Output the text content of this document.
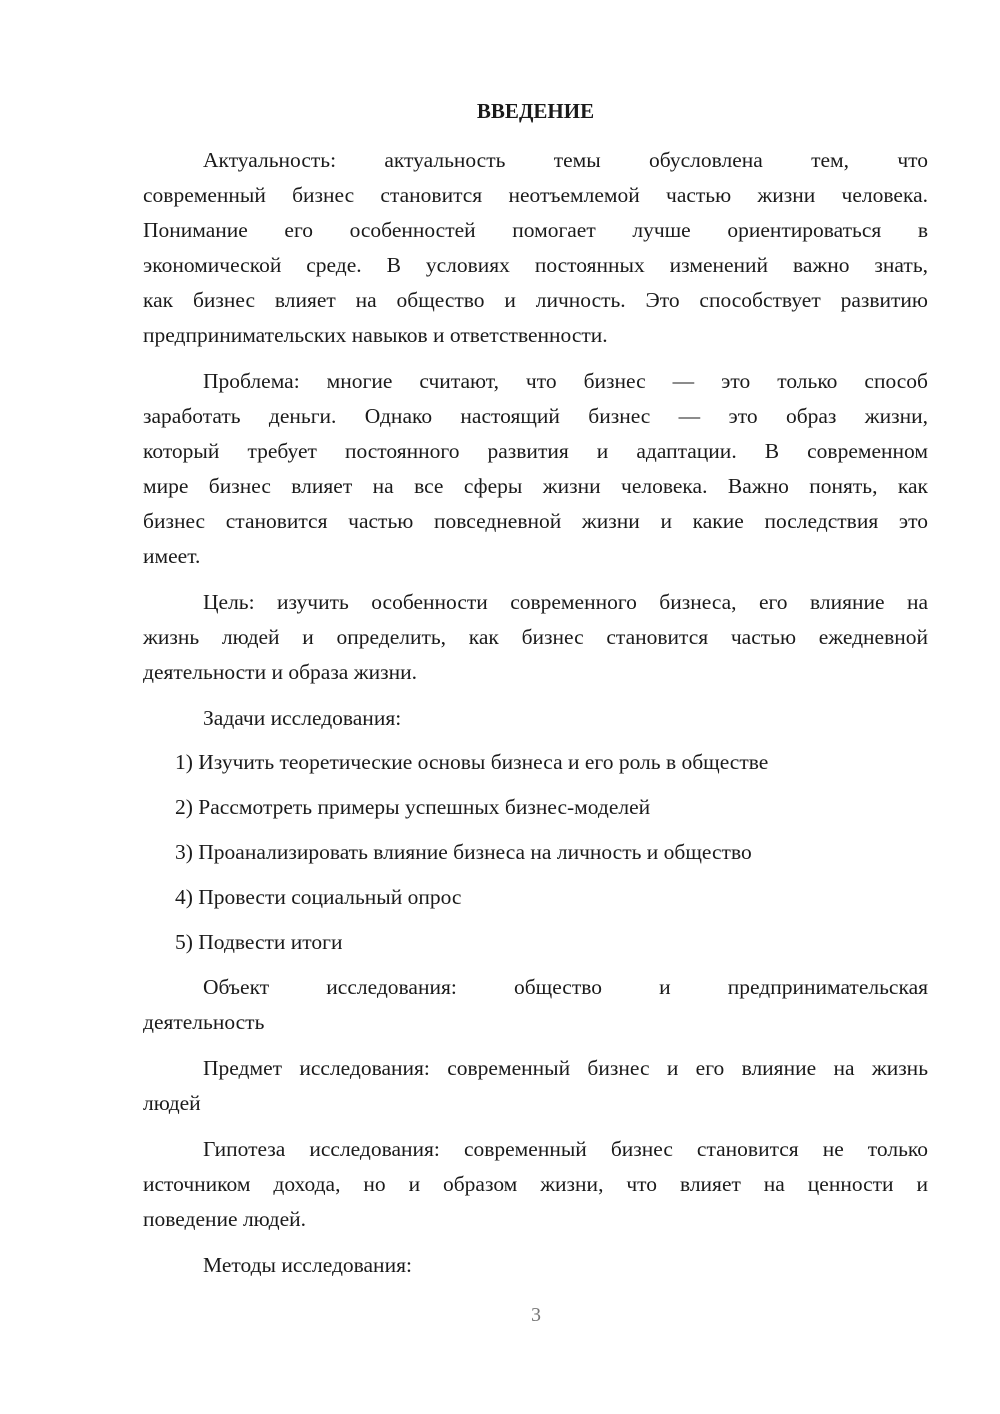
ВВЕДЕНИЕ
Актуальность: актуальность темы обусловлена тем, что
современный бизнес становится неотъемлемой частью жизни человека.
Понимание его особенностей помогает лучше ориентироваться в
экономической среде. В условиях постоянных изменений важно знать,
как бизнес влияет на общество и личность. Это способствует развитию
предпринимательских навыков и ответственности.
Проблема: многие считают, что бизнес — это только способ
заработать деньги. Однако настоящий бизнес — это образ жизни,
который требует постоянного развития и адаптации. В современном
мире бизнес влияет на все сферы жизни человека. Важно понять, как
бизнес становится частью повседневной жизни и какие последствия это
имеет.
Цель: изучить особенности современного бизнеса, его влияние на
жизнь людей и определить, как бизнес становится частью ежедневной
деятельности и образа жизни.
Задачи исследования:
1) Изучить теоретические основы бизнеса и его роль в обществе
2) Рассмотреть примеры успешных бизнес-моделей
3) Проанализировать влияние бизнеса на личность и общество
4) Провести социальный опрос
5) Подвести итоги
Объект исследования: общество и предпринимательская
деятельность
Предмет исследования: современный бизнес и его влияние на жизнь
людей
Гипотеза исследования: современный бизнес становится не только
источником дохода, но и образом жизни, что влияет на ценности и
поведение людей.
Методы исследования:
3
